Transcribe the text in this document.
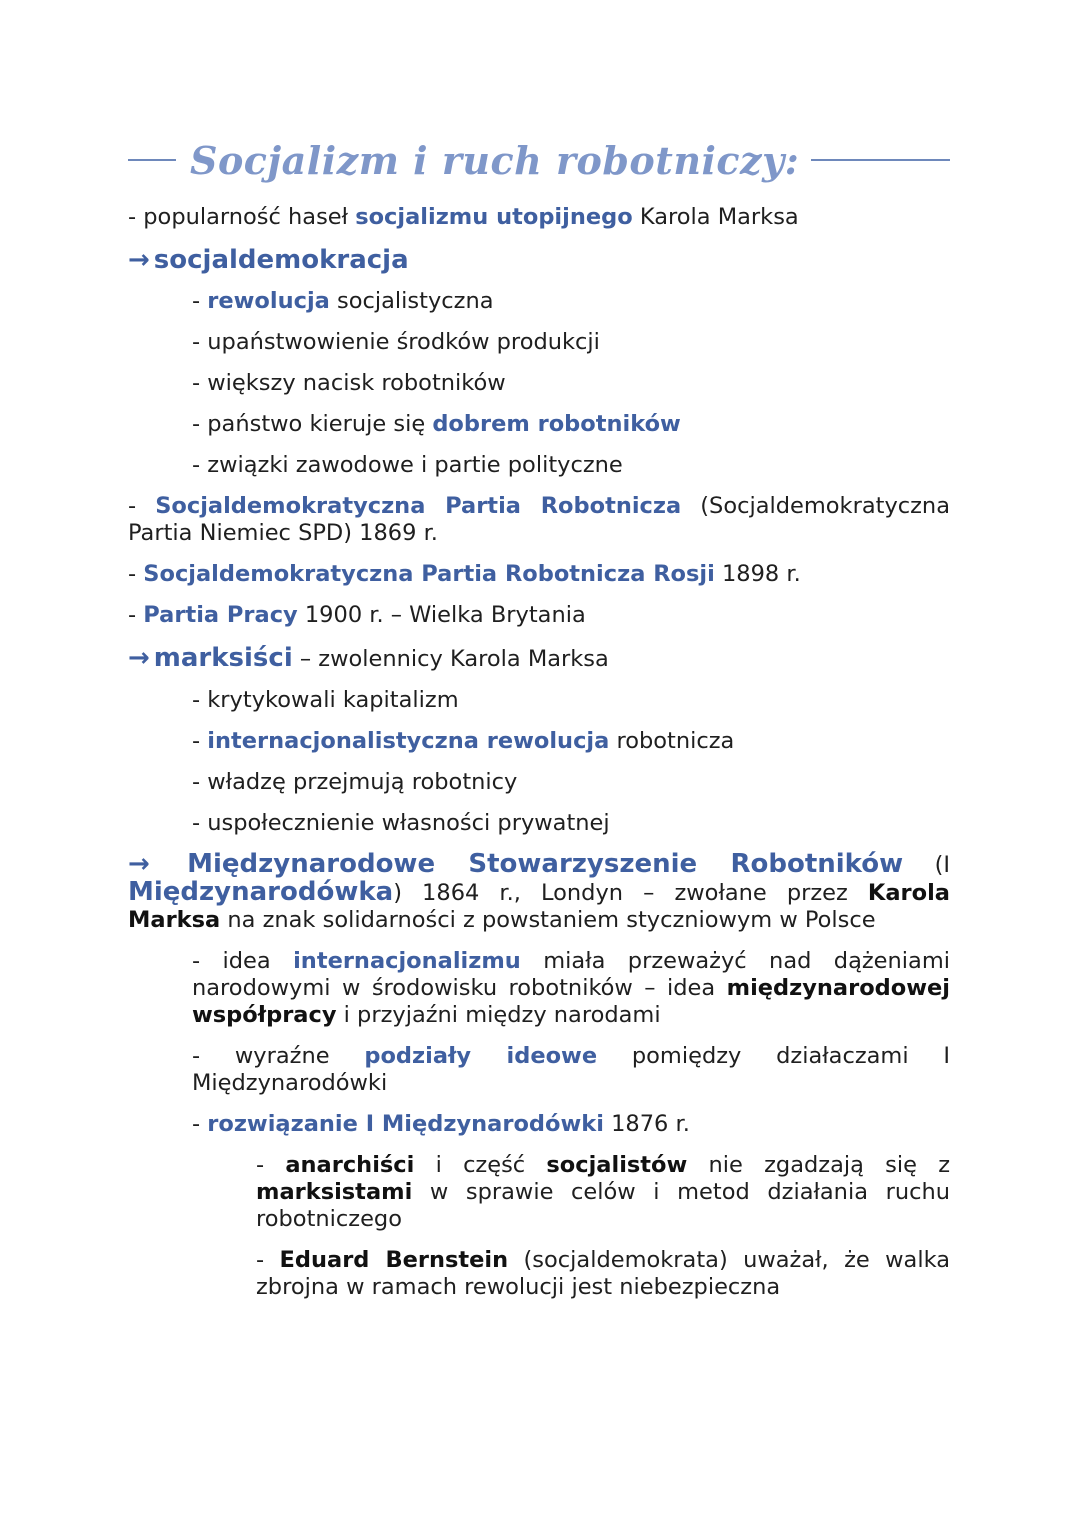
Socjalizm i ruch robotniczy:
- popularność haseł socjalizmu utopijnego Karola Marksa
→ socjaldemokracja
- rewolucja socjalistyczna
- upaństwowienie środków produkcji
- większy nacisk robotników
- państwo kieruje się dobrem robotników
- związki zawodowe i partie polityczne
- Socjaldemokratyczna Partia Robotnicza (Socjaldemokratyczna Partia Niemiec SPD) 1869 r.
- Socjaldemokratyczna Partia Robotnicza Rosji 1898 r.
- Partia Pracy 1900 r. – Wielka Brytania
→ marksiści – zwolennicy Karola Marksa
- krytykowali kapitalizm
- internacjonalistyczna rewolucja robotnicza
- władzę przejmują robotnicy
- uspołecznienie własności prywatnej
→ Międzynarodowe Stowarzyszenie Robotników (I Międzynarodówka) 1864 r., Londyn – zwołane przez Karola Marksa na znak solidarności z powstaniem styczniowym w Polsce
- idea internacjonalizmu miała przeważyć nad dążeniami narodowymi w środowisku robotników – idea międzynarodowej współpracy i przyjaźni między narodami
- wyraźne podziały ideowe pomiędzy działaczami I Międzynarodówki
- rozwiązanie I Międzynarodówki 1876 r.
- anarchiści i część socjalistów nie zgadzają się z marksistami w sprawie celów i metod działania ruchu robotniczego
- Eduard Bernstein (socjaldemokrata) uważał, że walka zbrojna w ramach rewolucji jest niebezpieczna
